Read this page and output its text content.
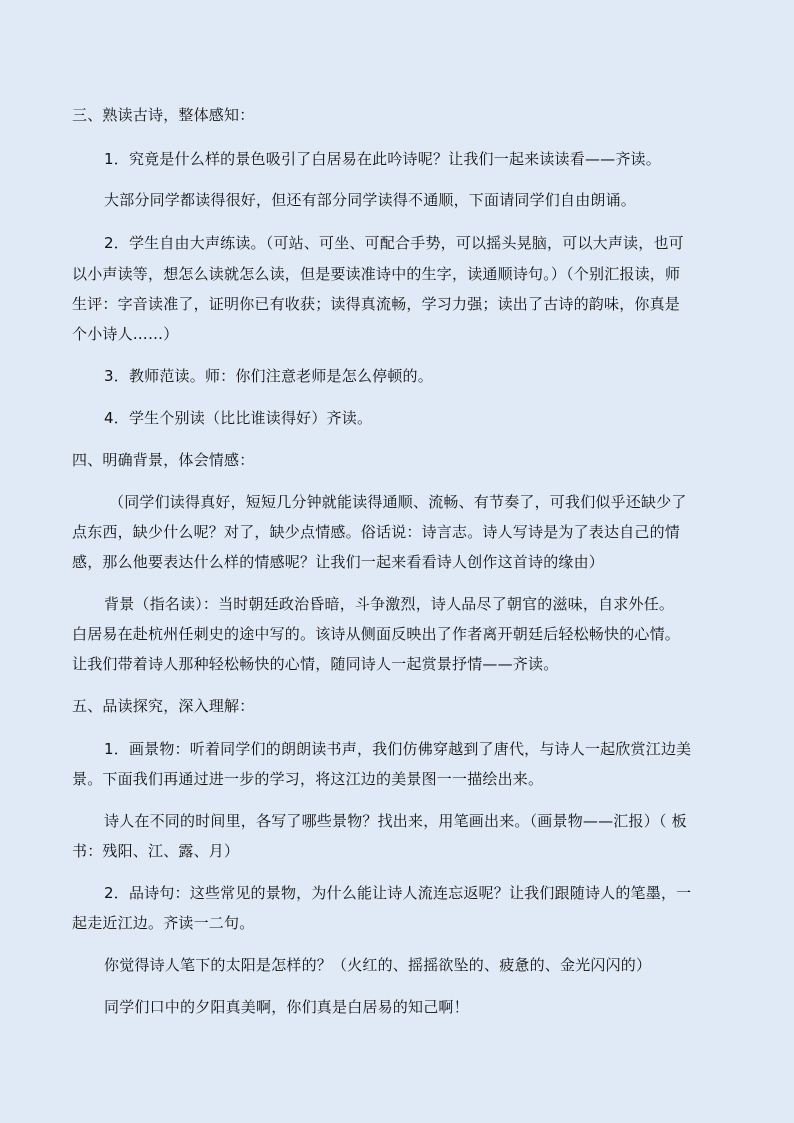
三、熟读古诗，整体感知：
1．究竟是什么样的景色吸引了白居易在此吟诗呢？让我们一起来读读看——齐读。
大部分同学都读得很好，但还有部分同学读得不通顺，下面请同学们自由朗诵。
2．学生自由大声练读。（可站、可坐、可配合手势，可以摇头晃脑，可以大声读，也可
以小声读等，想怎么读就怎么读，但是要读准诗中的生字，读通顺诗句。）（个别汇报读，师
生评：字音读准了，证明你已有收获；读得真流畅，学习力强；读出了古诗的韵味，你真是
个小诗人……）
3．教师范读。师：你们注意老师是怎么停顿的。
4．学生个别读（比比谁读得好）齐读。
四、明确背景，体会情感：
（同学们读得真好，短短几分钟就能读得通顺、流畅、有节奏了，可我们似乎还缺少了
点东西，缺少什么呢？对了，缺少点情感。俗话说：诗言志。诗人写诗是为了表达自己的情
感，那么他要表达什么样的情感呢？让我们一起来看看诗人创作这首诗的缘由）
背景（指名读）：当时朝廷政治昏暗，斗争激烈，诗人品尽了朝官的滋味，自求外任。
白居易在赴杭州任刺史的途中写的。该诗从侧面反映出了作者离开朝廷后轻松畅快的心情。
让我们带着诗人那种轻松畅快的心情，随同诗人一起赏景抒情——齐读。
五、品读探究，深入理解：
1．画景物：听着同学们的朗朗读书声，我们仿佛穿越到了唐代，与诗人一起欣赏江边美
景。下面我们再通过进一步的学习，将这江边的美景图一一描绘出来。
诗人在不同的时间里，各写了哪些景物？找出来，用笔画出来。（画景物——汇报）（ 板
书：残阳、江、露、月）
2．品诗句：这些常见的景物，为什么能让诗人流连忘返呢？让我们跟随诗人的笔墨，一
起走近江边。齐读一二句。
你觉得诗人笔下的太阳是怎样的？（火红的、摇摇欲坠的、疲惫的、金光闪闪的）
同学们口中的夕阳真美啊，你们真是白居易的知己啊！
